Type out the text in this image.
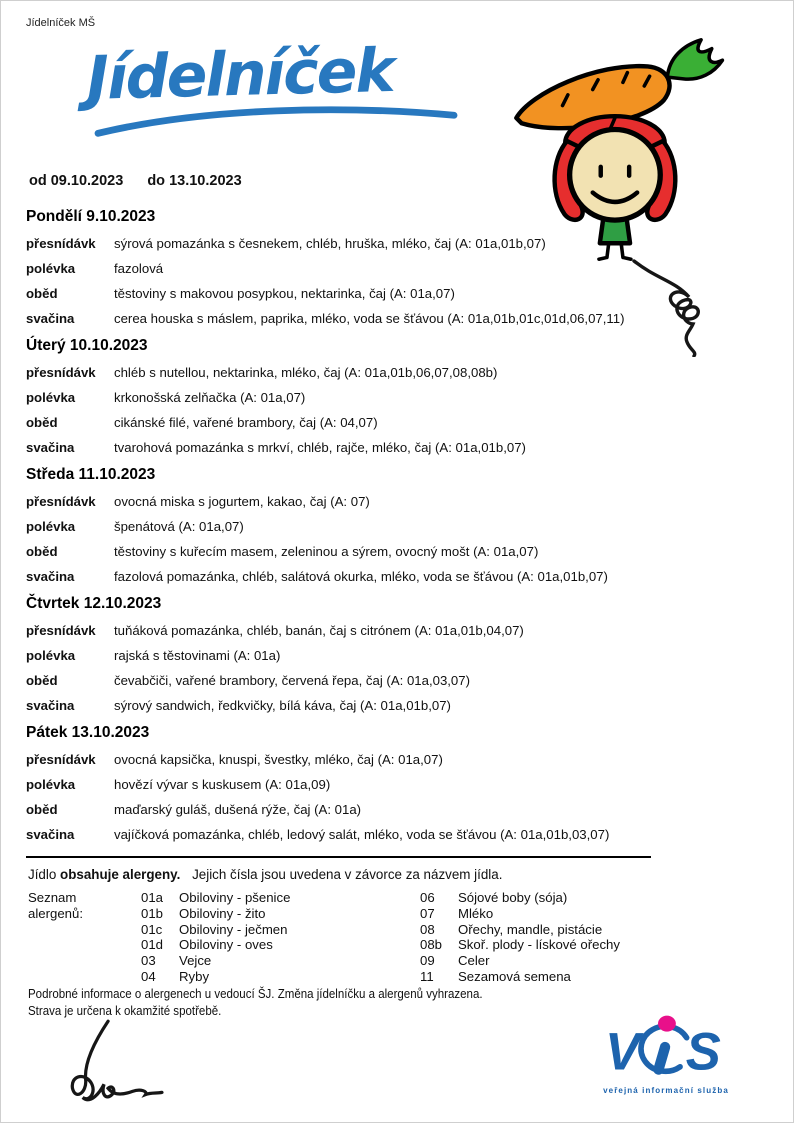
Jídelníček MŠ
Jídelníček
od 09.10.2023 do 13.10.2023
Pondělí 9.10.2023
přesnídávk	sýrová pomazánka s česnekem, chléb, hruška, mléko, čaj (A: 01a,01b,07)
polévka	fazolová
oběd	těstoviny s makovou posypkou, nektarinka, čaj (A: 01a,07)
svačina	cerea houska s máslem, paprika, mléko, voda se šťávou (A: 01a,01b,01c,01d,06,07,11)
Úterý 10.10.2023
přesnídávk	chléb s nutellou, nektarinka, mléko, čaj (A: 01a,01b,06,07,08,08b)
polévka	krkonošská zelňačka (A: 01a,07)
oběd	cikánské filé, vařené brambory, čaj (A: 04,07)
svačina	tvarohová pomazánka s mrkví, chléb, rajče, mléko, čaj (A: 01a,01b,07)
Středa 11.10.2023
přesnídávk	ovocná miska s jogurtem, kakao, čaj (A: 07)
polévka	špenátová (A: 01a,07)
oběd	těstoviny s kuřecím masem, zeleninou a sýrem, ovocný mošt (A: 01a,07)
svačina	fazolová pomazánka, chléb, salátová okurka, mléko, voda se šťávou (A: 01a,01b,07)
Čtvrtek 12.10.2023
přesnídávk	tuňáková pomazánka, chléb, banán, čaj s citrónem (A: 01a,01b,04,07)
polévka	rajská s těstovinami (A: 01a)
oběd	čevabčiči, vařené brambory, červená řepa, čaj (A: 01a,03,07)
svačina	sýrový sandwich, ředkvičky, bílá káva, čaj (A: 01a,01b,07)
Pátek 13.10.2023
přesnídávk	ovocná kapsička, knuspi, švestky, mléko, čaj (A: 01a,07)
polévka	hovězí vývar s kuskusem (A: 01a,09)
oběd	maďarský guláš, dušená rýže, čaj (A: 01a)
svačina	vajíčková pomazánka, chléb, ledový salát, mléko, voda se šťávou (A: 01a,01b,03,07)
Jídlo obsahuje alergeny. Jejich čísla jsou uvedena v závorce za názvem jídla.
Seznam alergenů:
01a	Obiloviny - pšenice
01b	Obiloviny - žito
01c	Obiloviny - ječmen
01d	Obiloviny - oves
03	Vejce
04	Ryby
06	Sójové boby (sója)
07	Mléko
08	Ořechy, mandle, pistácie
08b	Skoř. plody - lískové ořechy
09	Celer
11	Sezamová semena
Podrobné informace o alergenech u vedoucí ŠJ. Změna jídelníčku a alergenů vyhrazena.
Strava je určena k okamžité spotřebě.
V S
veřejná informační služba
